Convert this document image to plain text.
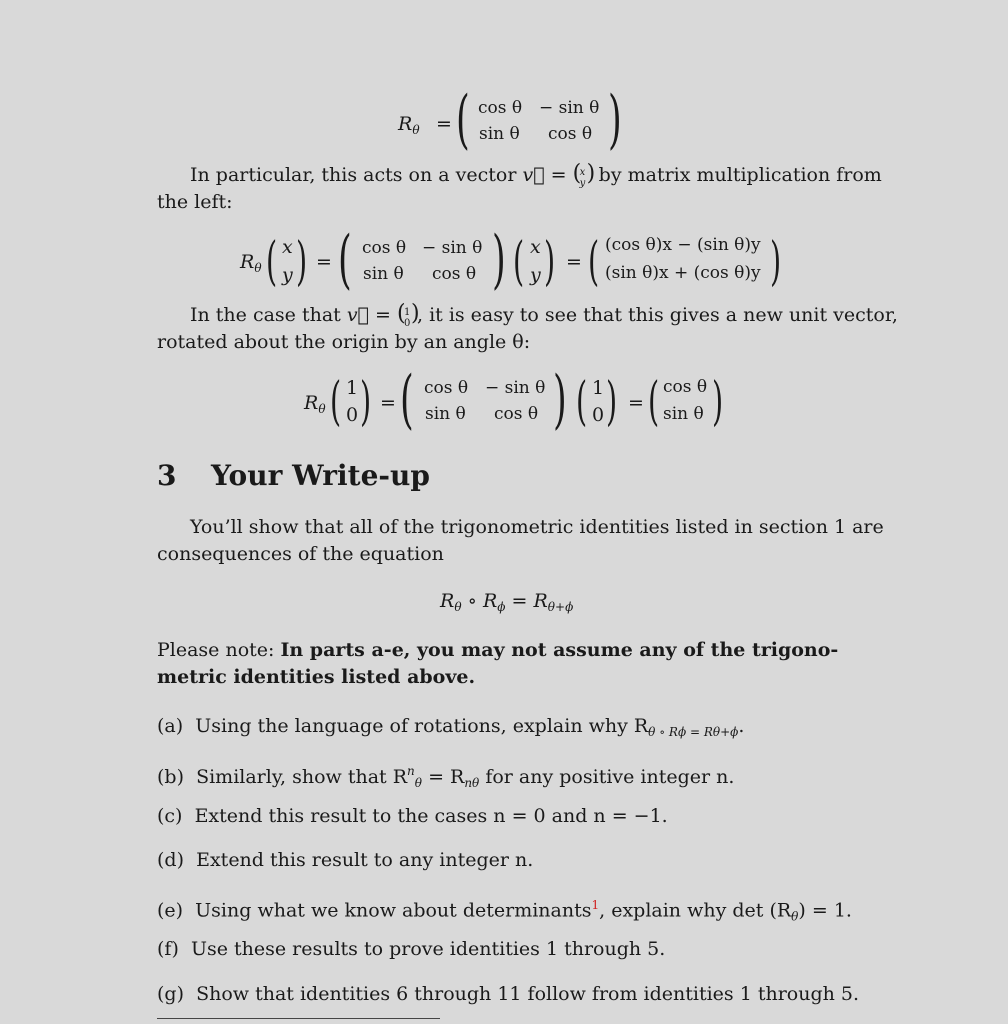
$R_\theta$ = ( cos θ − sin θ
sin θ cos θ )
In particular, this acts on a vector v⃗ = (
x
y ) by matrix multiplication from
the left:
$R_\theta$ ( x
y ) = ( cos θ − sin θ
sin θ cos θ ) ( x
y ) = ( (cos θ)x − (sin θ)y
(sin θ)x + (cos θ)y )
In the case that v⃗ = (
1
0 )
, it is easy to see that this gives a new unit vector,
rotated about the origin by an angle θ:
$R_\theta$ ( 1
0 ) = ( cos θ − sin θ
sin θ cos θ ) ( 1
0 ) = ( cos θ
sin θ )
3 Your Write-up
You’ll show that all of the trigonometric identities listed in section 1 are
consequences of the equation
$R_\theta$ ∘ $R_\phi = R_{\theta+\phi}$
Please note: In parts a-e, you may not assume any of the trigono-
metric identities listed above.
(a) Using the language of rotations, explain why $R_{\theta \circ R\phi = R\theta+\phi}$.
(b) Similarly, show that $R^n_\theta = R_{n\theta}$ for any positive integer n.
(c) Extend this result to the cases n = 0 and n = −1.
(d) Extend this result to any integer n.
(e) Using what we know about determinants$^1$, explain why $\det (R_\theta) = 1$.
(f) Use these results to prove identities 1 through 5.
(g) Show that identities 6 through 11 follow from identities 1 through 5.
